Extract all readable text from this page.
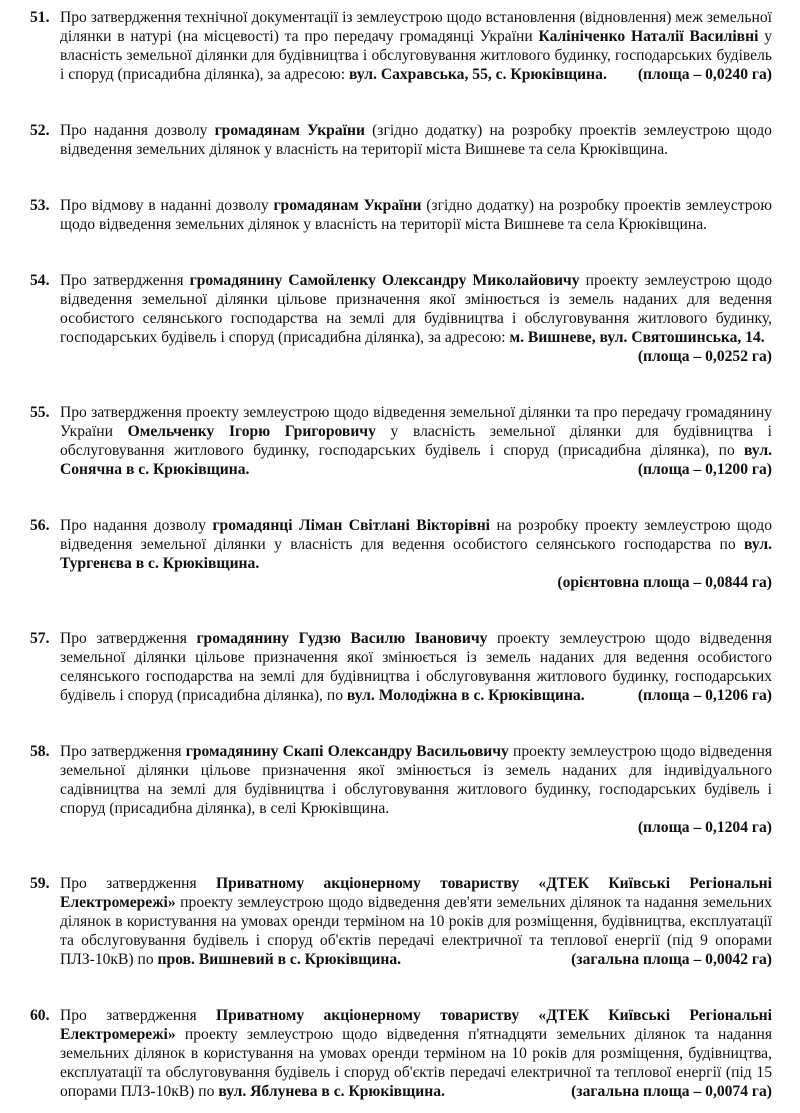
51. Про затвердження технічної документації із землеустрою щодо встановлення (відновлення) меж земельної ділянки в натурі (на місцевості) та про передачу громадянці України Калініченко Наталії Василівні у власність земельної ділянки для будівництва і обслуговування житлового будинку, господарських будівель і споруд (присадибна ділянка), за адресою: вул. Сахравська, 55, с. Крюківщина. (площа – 0,0240 га)
52. Про надання дозволу громадянам України (згідно додатку) на розробку проектів землеустрою щодо відведення земельних ділянок у власність на території міста Вишневе та села Крюківщина.
53. Про відмову в наданні дозволу громадянам України (згідно додатку) на розробку проектів землеустрою щодо відведення земельних ділянок у власність на території міста Вишневе та села Крюківщина.
54. Про затвердження громадянину Самойленку Олександру Миколайовичу проекту землеустрою щодо відведення земельної ділянки цільове призначення якої змінюється із земель наданих для ведення особистого селянського господарства на землі для будівництва і обслуговування житлового будинку, господарських будівель і споруд (присадибна ділянка), за адресою: м. Вишневе, вул. Святошинська, 14.
(площа – 0,0252 га)
55. Про затвердження проекту землеустрою щодо відведення земельної ділянки та про передачу громадянину України Омельченку Ігорю Григоровичу у власність земельної ділянки для будівництва і обслуговування житлового будинку, господарських будівель і споруд (присадибна ділянка), по вул. Сонячна в с. Крюківщина.	(площа – 0,1200 га)
56. Про надання дозволу громадянці Ліман Світлані Вікторівні на розробку проекту землеустрою щодо відведення земельної ділянки у власність для ведення особистого селянського господарства по вул. Тургенєва в с. Крюківщина.
(орієнтовна площа – 0,0844 га)
57. Про затвердження громадянину Гудзю Василю Івановичу проекту землеустрою щодо відведення земельної ділянки цільове призначення якої змінюється із земель наданих для ведення особистого селянського господарства на землі для будівництва і обслуговування житлового будинку, господарських будівель і споруд (присадибна ділянка), по вул. Молодіжна в с. Крюківщина.	(площа – 0,1206 га)
58. Про затвердження громадянину Скапі Олександру Васильовичу проекту землеустрою щодо відведення земельної ділянки цільове призначення якої змінюється із земель наданих для індивідуального садівництва на землі для будівництва і обслуговування житлового будинку, господарських будівель і споруд (присадибна ділянка), в селі Крюківщина.
(площа – 0,1204 га)
59. Про затвердження Приватному акціонерному товариству «ДТЕК Київські Регіональні Електромережі» проекту землеустрою щодо відведення дев'яти земельних ділянок та надання земельних ділянок в користування на умовах оренди терміном на 10 років для розміщення, будівництва, експлуатації та обслуговування будівель і споруд об'єктів передачі електричної та теплової енергії (під 9 опорами ПЛЗ-10кВ) по пров. Вишневий в с. Крюківщина.	(загальна площа – 0,0042 га)
60. Про затвердження Приватному акціонерному товариству «ДТЕК Київські Регіональні Електромережі» проекту землеустрою щодо відведення п'ятнадцяти земельних ділянок та надання земельних ділянок в користування на умовах оренди терміном на 10 років для розміщення, будівництва, експлуатації та обслуговування будівель і споруд об'єктів передачі електричної та теплової енергії (під 15 опорами ПЛЗ-10кВ) по вул. Яблунева в с. Крюківщина.	(загальна площа – 0,0074 га)
